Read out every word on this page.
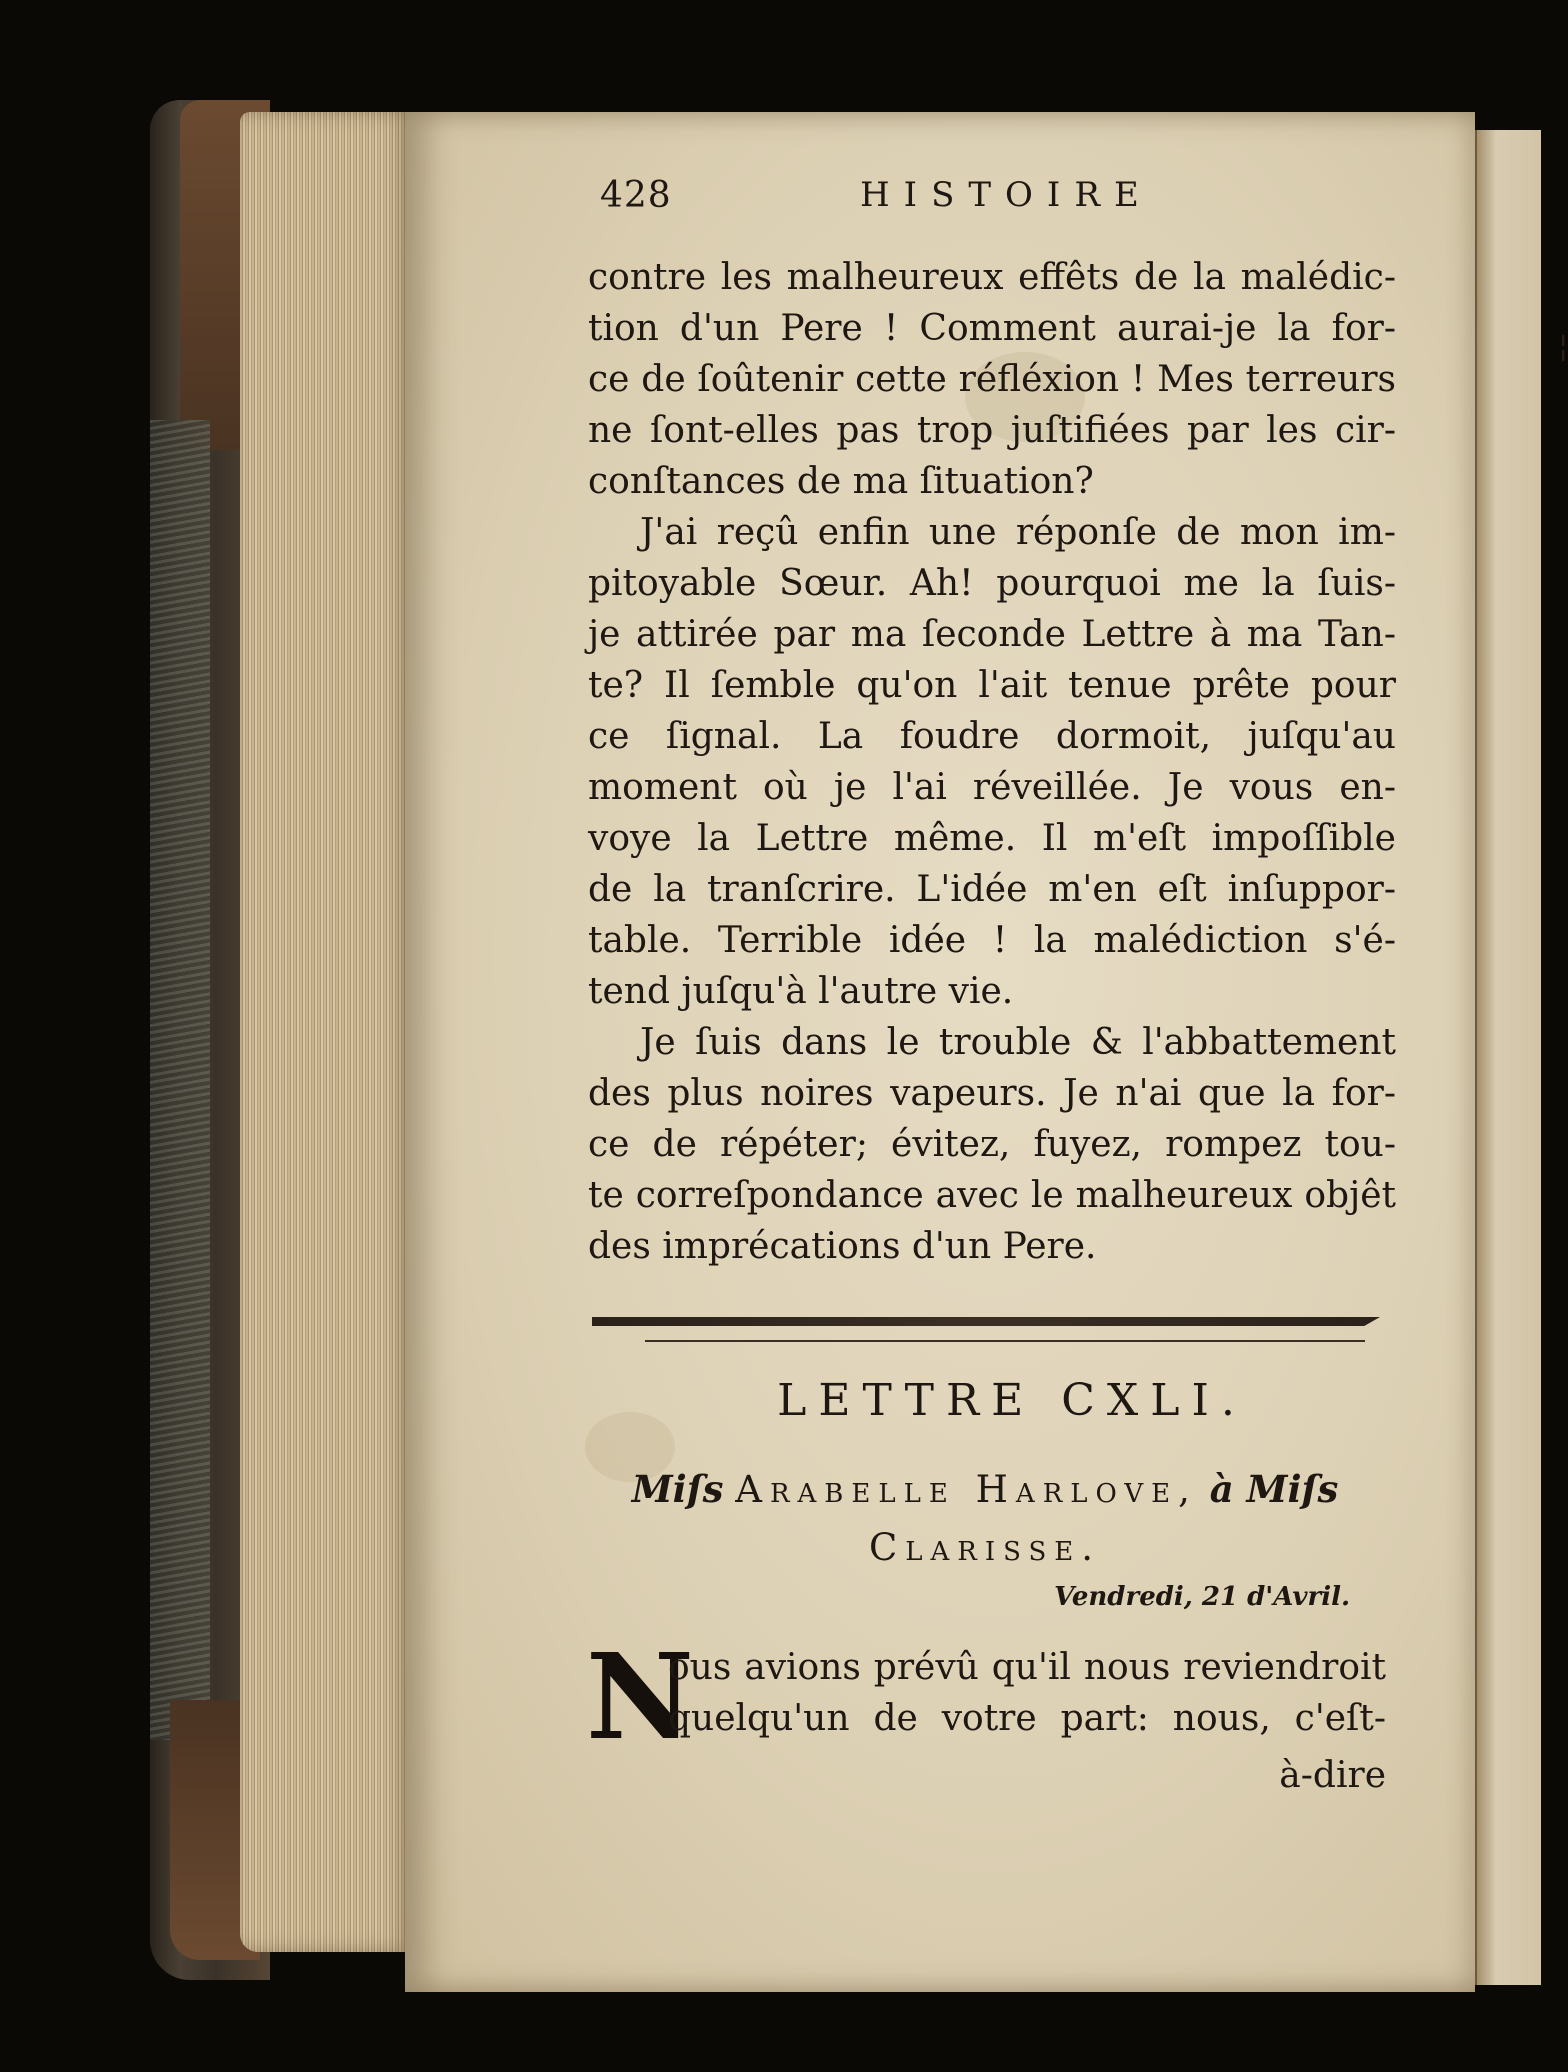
428	HISTOIRE
contre les malheureux effêts de la malédic-
tion d'un Pere ! Comment aurai-je la for-
ce de ſoûtenir cette réfléxion ! Mes terreurs
ne ſont-elles pas trop juſtifiées par les cir-
conſtances de ma ſituation?
J'ai reçû enfin une réponſe de mon im-
pitoyable Sœur. Ah! pourquoi me la ſuis-
je attirée par ma ſeconde Lettre à ma Tan-
te? Il ſemble qu'on l'ait tenue prête pour
ce ſignal. La foudre dormoit, juſqu'au
moment où je l'ai réveillée. Je vous en-
voye la Lettre même. Il m'eſt impoſſible
de la tranſcrire. L'idée m'en eſt inſuppor-
table. Terrible idée ! la malédiction s'é-
tend juſqu'à l'autre vie.
Je ſuis dans le trouble & l'abbattement
des plus noires vapeurs. Je n'ai que la for-
ce de répéter; évitez, fuyez, rompez tou-
te correſpondance avec le malheureux objêt
des imprécations d'un Pere.
LETTRE CXLI.
Miſs Arabelle Harlove, à Miſs
Clarisse.
Vendredi, 21 d'Avril.
N
ous avions prévû qu'il nous reviendroit
quelqu'un de votre part: nous, c'eſt-
à-dire

¦
